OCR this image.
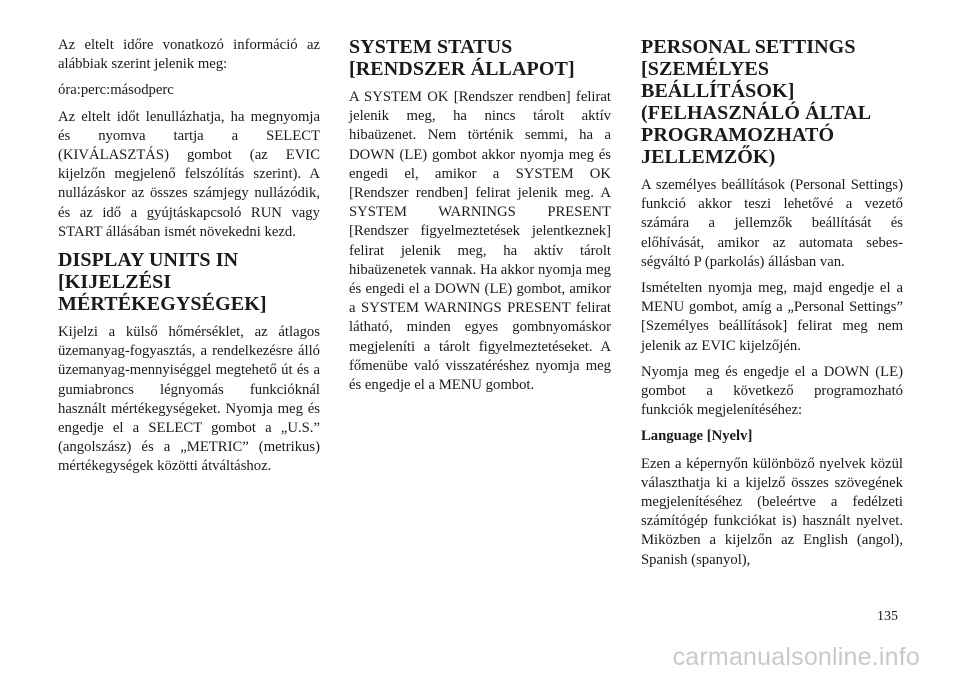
Az eltelt időre vonatkozó információ az alábbiak szerint jelenik meg:

óra:perc:másodperc

Az eltelt időt lenullázhatja, ha megnyomja és nyomva tartja a SELECT (KIVÁLASZTÁS) gombot (az EVIC kijelzőn megjelenő felszólítás szerint). A nullázáskor az összes számjegy nullázódik, és az idő a gyújtáskapcsoló RUN vagy START állásában ismét növekedni kezd.

DISPLAY UNITS IN [KIJELZÉSI MÉRTÉKEGYSÉGEK]

Kijelzi a külső hőmérséklet, az átlagos üzemanyag-fogyasztás, a rendelkezésre álló üzemanyag-mennyiséggel megtehető út és a gumiabroncs légnyomás funkcióknál használt mértékegységeket. Nyomja meg és engedje el a SELECT gombot a „U.S.” (angolszász) és a „METRIC” (metrikus) mértékegységek közötti átváltáshoz.

SYSTEM STATUS [RENDSZER ÁLLAPOT]

A SYSTEM OK [Rendszer rendben] felirat jelenik meg, ha nincs tárolt aktív hibaüzenet. Nem történik semmi, ha a DOWN (LE) gombot akkor nyomja meg és engedi el, amikor a SYSTEM OK [Rendszer rendben] felirat jelenik meg. A SYSTEM WARNINGS PRESENT [Rendszer figyelmeztetések jelentkeznek] felirat jelenik meg, ha aktív tárolt hibaüzenetek vannak. Ha akkor nyomja meg és engedi el a DOWN (LE) gombot, amikor a SYSTEM WARNINGS PRESENT felirat látható, minden egyes gombnyomáskor megjeleníti a tárolt figyelmeztetéseket. A főmenübe való visszatéréshez nyomja meg és engedje el a MENU gombot.

PERSONAL SETTINGS [SZEMÉLYES BEÁLLÍTÁSOK] (FELHASZNÁLÓ ÁLTAL PROGRAMOZHATÓ JELLEMZŐK)

A személyes beállítások (Personal Settings) funkció akkor teszi lehetővé a vezető számára a jellemzők beállítását és előhívását, amikor az automata sebességváltó P (parkolás) állásban van.

Ismételten nyomja meg, majd engedje el a MENU gombot, amíg a „Personal Settings” [Személyes beállítások] felirat meg nem jelenik az EVIC kijelzőjén.

Nyomja meg és engedje el a DOWN (LE) gombot a következő programozható funkciók megjelenítéséhez:

Language [Nyelv]

Ezen a képernyőn különböző nyelvek közül választhatja ki a kijelző összes szövegének megjelenítéséhez (beleértve a fedélzeti számítógép funkciókat is) használt nyelvet. Miközben a kijelzőn az English (angol), Spanish (spanyol),

135
carmanualsonline.info
